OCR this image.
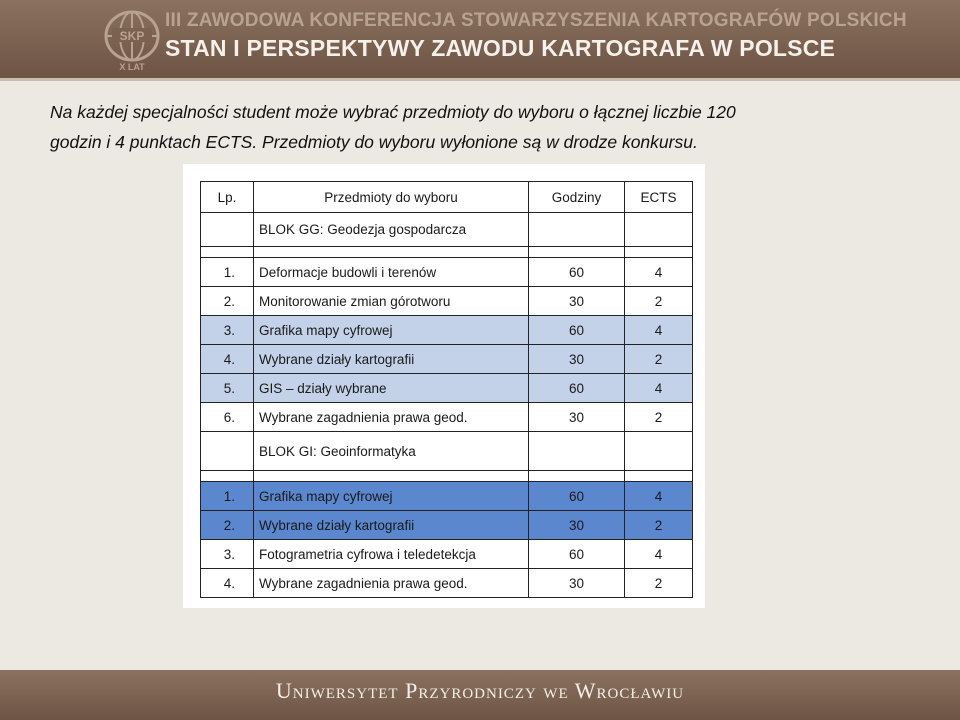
SKP
X LAT
III ZAWODOWA KONFERENCJA STOWARZYSZENIA KARTOGRAFÓW POLSKICH
STAN I PERSPEKTYWY ZAWODU KARTOGRAFA W POLSCE
Na każdej specjalności student może wybrać przedmioty do wyboru o łącznej liczbie 120
godzin i 4 punktach ECTS. Przedmioty do wyboru wyłonione są w drodze konkursu.
Lp.	Przedmioty do wyboru	Godziny	ECTS
	BLOK GG: Geodezja gospodarcza		

1.	Deformacje budowli i terenów	60	4
2.	Monitorowanie zmian górotworu	30	2
3.	Grafika mapy cyfrowej	60	4
4.	Wybrane działy kartografii	30	2
5.	GIS – działy wybrane	60	4
6.	Wybrane zagadnienia prawa geod.	30	2
	BLOK GI: Geoinformatyka		

1.	Grafika mapy cyfrowej	60	4
2.	Wybrane działy kartografii	30	2
3.	Fotogrametria cyfrowa i teledetekcja	60	4
4.	Wybrane zagadnienia prawa geod.	30	2
Uniwersytet Przyrodniczy we Wrocławiu
